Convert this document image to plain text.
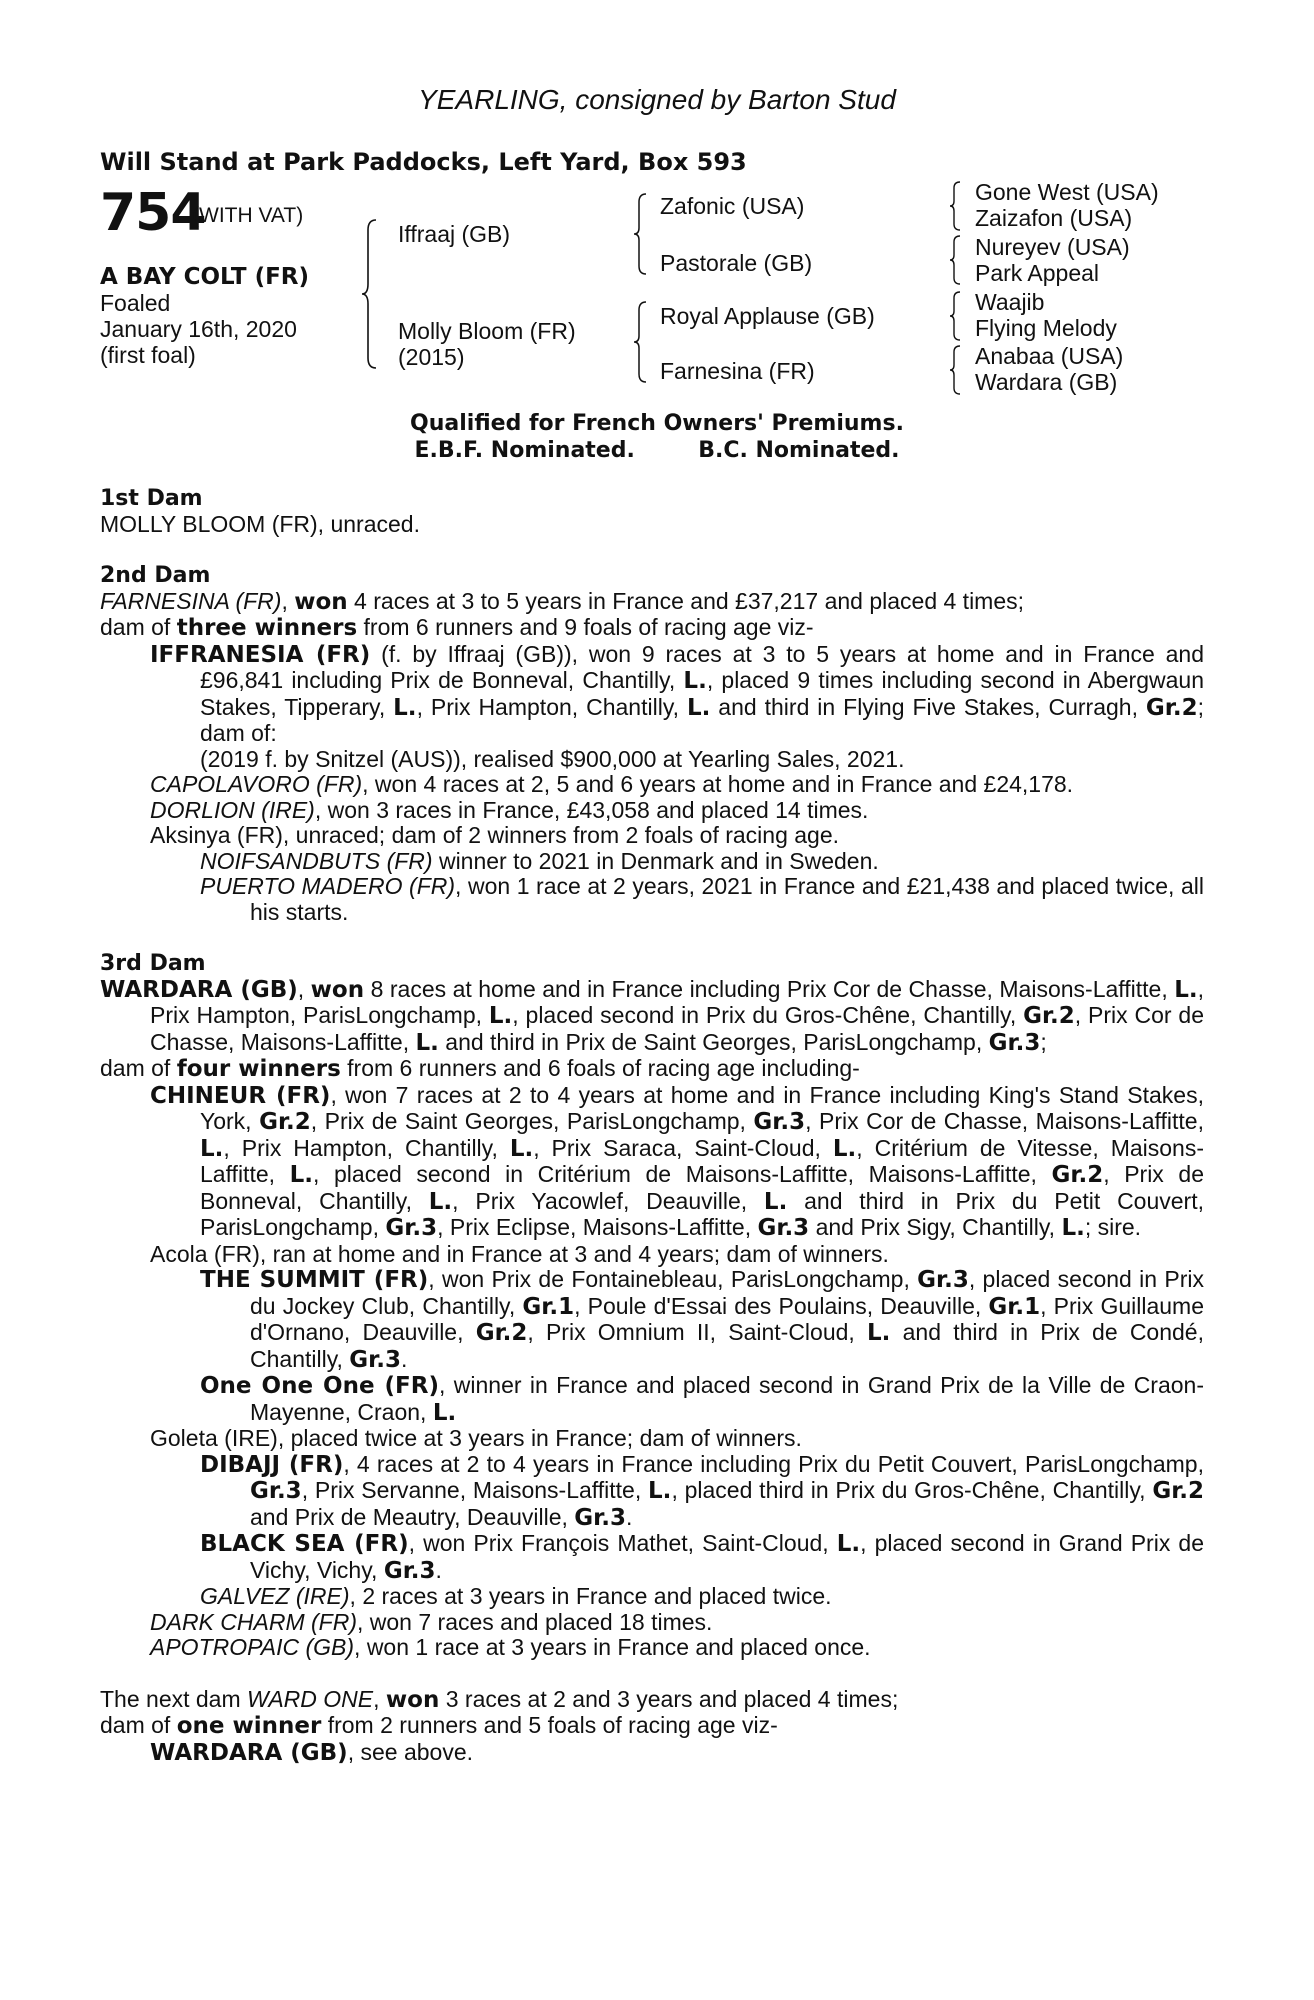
YEARLING, consigned by Barton Stud
Will Stand at Park Paddocks, Left Yard, Box 593
754
(WITH VAT)
A BAY COLT (FR)
Foaled
January 16th, 2020
(first foal)
Iffraaj (GB)
Molly Bloom (FR)
(2015)
Zafonic (USA)
Pastorale (GB)
Royal Applause (GB)
Farnesina (FR)
Gone West (USA)
Zaizafon (USA)
Nureyev (USA)
Park Appeal
Waajib
Flying Melody
Anabaa (USA)
Wardara (GB)
Qualified for French Owners' Premiums.
E.B.F. Nominated.	B.C. Nominated.
1st Dam
MOLLY BLOOM (FR), unraced.
2nd Dam
FARNESINA (FR), won 4 races at 3 to 5 years in France and £37,217 and placed 4 times;
dam of three winners from 6 runners and 9 foals of racing age viz-
IFFRANESIA (FR) (f. by Iffraaj (GB)), won 9 races at 3 to 5 years at home and in France and £96,841 including Prix de Bonneval, Chantilly, L., placed 9 times including second in Abergwaun Stakes, Tipperary, L., Prix Hampton, Chantilly, L. and third in Flying Five Stakes, Curragh, Gr.2; dam of:
(2019 f. by Snitzel (AUS)), realised $900,000 at Yearling Sales, 2021.
CAPOLAVORO (FR), won 4 races at 2, 5 and 6 years at home and in France and £24,178.
DORLION (IRE), won 3 races in France, £43,058 and placed 14 times.
Aksinya (FR), unraced; dam of 2 winners from 2 foals of racing age.
NOIFSANDBUTS (FR) winner to 2021 in Denmark and in Sweden.
PUERTO MADERO (FR), won 1 race at 2 years, 2021 in France and £21,438 and placed twice, all his starts.
3rd Dam
WARDARA (GB), won 8 races at home and in France including Prix Cor de Chasse, Maisons-Laffitte, L., Prix Hampton, ParisLongchamp, L., placed second in Prix du Gros-Chêne, Chantilly, Gr.2, Prix Cor de Chasse, Maisons-Laffitte, L. and third in Prix de Saint Georges, ParisLongchamp, Gr.3;
dam of four winners from 6 runners and 6 foals of racing age including-
CHINEUR (FR), won 7 races at 2 to 4 years at home and in France including King's Stand Stakes, York, Gr.2, Prix de Saint Georges, ParisLongchamp, Gr.3, Prix Cor de Chasse, Maisons-Laffitte, L., Prix Hampton, Chantilly, L., Prix Saraca, Saint-Cloud, L., Critérium de Vitesse, Maisons-Laffitte, L., placed second in Critérium de Maisons-Laffitte, Maisons-Laffitte, Gr.2, Prix de Bonneval, Chantilly, L., Prix Yacowlef, Deauville, L. and third in Prix du Petit Couvert, ParisLongchamp, Gr.3, Prix Eclipse, Maisons-Laffitte, Gr.3 and Prix Sigy, Chantilly, L.; sire.
Acola (FR), ran at home and in France at 3 and 4 years; dam of winners.
THE SUMMIT (FR), won Prix de Fontainebleau, ParisLongchamp, Gr.3, placed second in Prix du Jockey Club, Chantilly, Gr.1, Poule d'Essai des Poulains, Deauville, Gr.1, Prix Guillaume d'Ornano, Deauville, Gr.2, Prix Omnium II, Saint-Cloud, L. and third in Prix de Condé, Chantilly, Gr.3.
One One One (FR), winner in France and placed second in Grand Prix de la Ville de Craon-Mayenne, Craon, L.
Goleta (IRE), placed twice at 3 years in France; dam of winners.
DIBAJJ (FR), 4 races at 2 to 4 years in France including Prix du Petit Couvert, ParisLongchamp, Gr.3, Prix Servanne, Maisons-Laffitte, L., placed third in Prix du Gros-Chêne, Chantilly, Gr.2 and Prix de Meautry, Deauville, Gr.3.
BLACK SEA (FR), won Prix François Mathet, Saint-Cloud, L., placed second in Grand Prix de Vichy, Vichy, Gr.3.
GALVEZ (IRE), 2 races at 3 years in France and placed twice.
DARK CHARM (FR), won 7 races and placed 18 times.
APOTROPAIC (GB), won 1 race at 3 years in France and placed once.
The next dam WARD ONE, won 3 races at 2 and 3 years and placed 4 times;
dam of one winner from 2 runners and 5 foals of racing age viz-
WARDARA (GB), see above.
